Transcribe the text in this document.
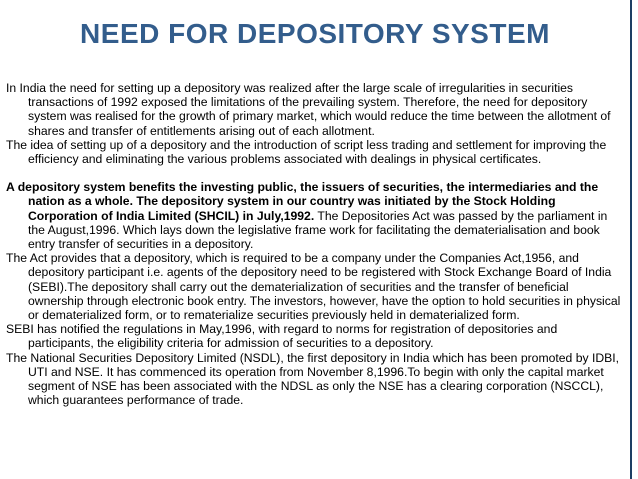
NEED FOR DEPOSITORY SYSTEM

In India the need for setting up a depository was realized after the large scale of irregularities in securities transactions of 1992 exposed the limitations of the prevailing system. Therefore, the need for depository system was realised for the growth of primary market, which would reduce the time between the allotment of shares and transfer of entitlements arising out of each allotment.

The idea of setting up of a depository and the introduction of script less trading and settlement for improving the efficiency and eliminating the various problems associated with dealings in physical certificates.

A depository system benefits the investing public, the issuers of securities, the intermediaries and the nation as a whole. The depository system in our country was initiated by the Stock Holding Corporation of India Limited (SHCIL) in July,1992. The Depositories Act was passed by the parliament in the August,1996. Which lays down the legislative frame work for facilitating the dematerialisation and book entry transfer of securities in a depository.

The Act provides that a depository, which is required to be a company under the Companies Act,1956, and depository participant i.e. agents of the depository need to be registered with Stock Exchange Board of India (SEBI).The depository shall carry out the dematerialization of securities and the transfer of beneficial ownership through electronic book entry. The investors, however, have the option to hold securities in physical or dematerialized form, or to rematerialize securities previously held in dematerialized form.

SEBI has notified the regulations in May,1996, with regard to norms for registration of depositories and participants, the eligibility criteria for admission of securities to a depository.

The National Securities Depository Limited (NSDL), the first depository in India which has been promoted by IDBI, UTI and NSE. It has commenced its operation from November 8,1996.To begin with only the capital market segment of NSE has been associated with the NDSL as only the NSE has a clearing corporation (NSCCL), which guarantees performance of trade.
